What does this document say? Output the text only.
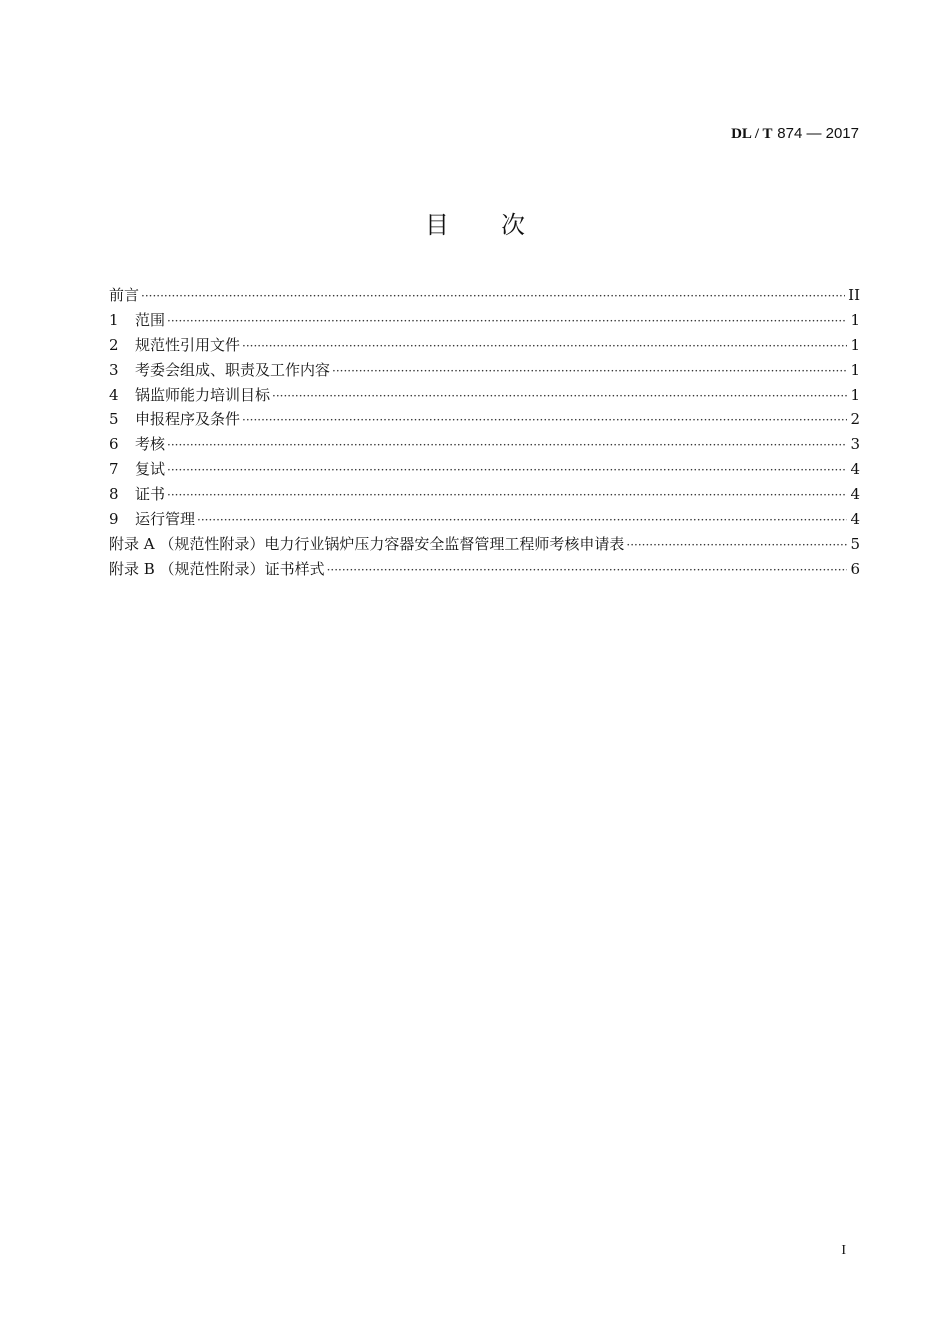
DL / T 874 — 2017
目 次
前言 ·····	II
1	范围 ·····	1
2	规范性引用文件 ·····	1
3	考委会组成、职责及工作内容 ·····	1
4	锅监师能力培训目标 ·····	1
5	申报程序及条件 ·····	2
6	考核 ·····	3
7	复试 ·····	4
8	证书 ·····	4
9	运行管理 ·····	4
附录 A （规范性附录） 电力行业锅炉压力容器安全监督管理工程师考核申请表 ·····	5
附录 B （规范性附录） 证书样式 ·····	6
I
